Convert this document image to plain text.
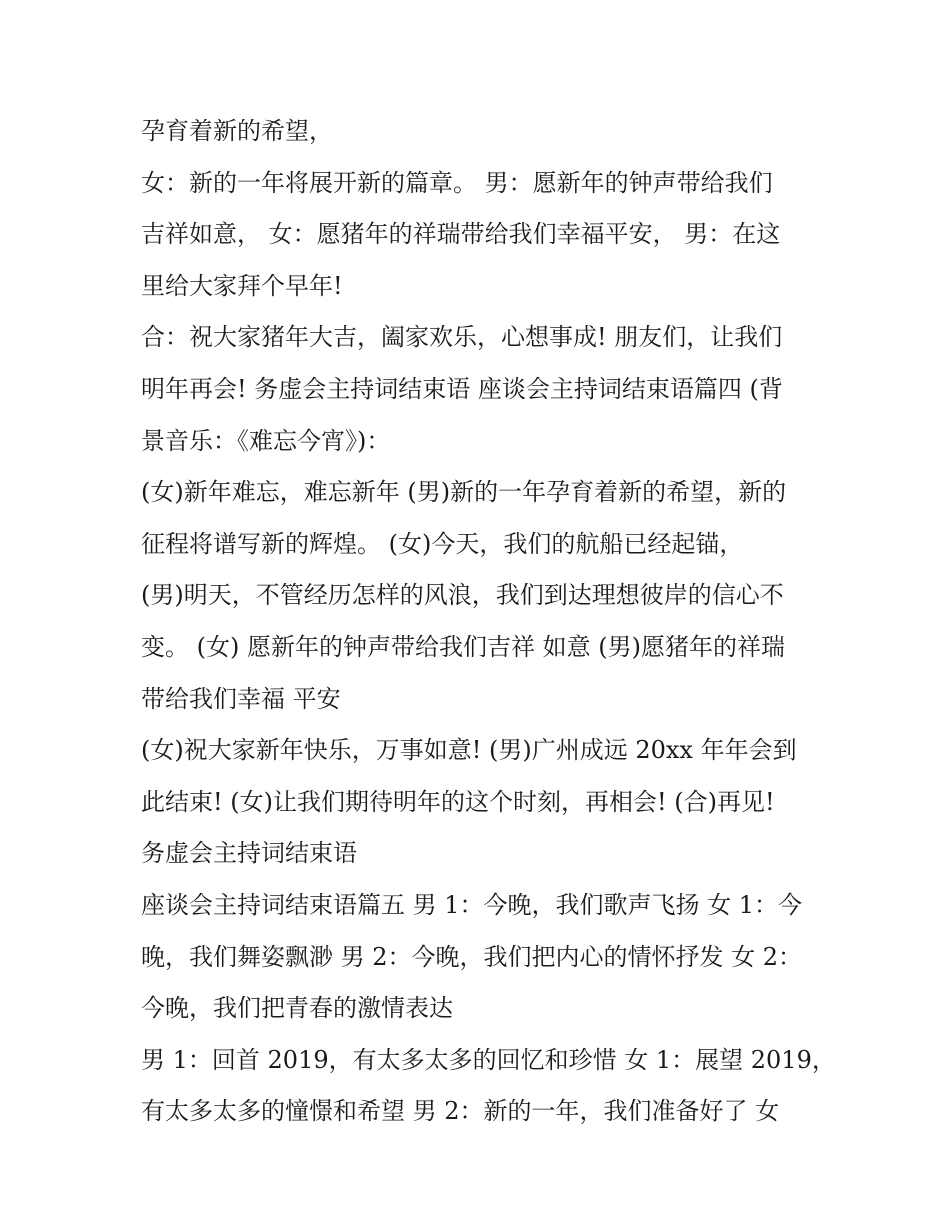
孕育着新的希望，
女：新的一年将展开新的篇章。 男：愿新年的钟声带给我们
吉祥如意， 女：愿猪年的祥瑞带给我们幸福平安， 男：在这
里给大家拜个早年!
合：祝大家猪年大吉，阖家欢乐，心想事成! 朋友们，让我们
明年再会! 务虚会主持词结束语 座谈会主持词结束语篇四 (背
景音乐：《难忘今宵》)：
(女)新年难忘，难忘新年 (男)新的一年孕育着新的希望，新的
征程将谱写新的辉煌。 (女)今天，我们的航船已经起锚，
(男)明天，不管经历怎样的风浪，我们到达理想彼岸的信心不
变。 (女) 愿新年的钟声带给我们吉祥 如意 (男)愿猪年的祥瑞
带给我们幸福 平安
(女)祝大家新年快乐，万事如意! (男)广州成远 20xx 年年会到
此结束! (女)让我们期待明年的这个时刻，再相会! (合)再见!
务虚会主持词结束语
座谈会主持词结束语篇五 男 1：今晚，我们歌声飞扬 女 1：今
晚，我们舞姿飘渺 男 2：今晚，我们把内心的情怀抒发 女 2：
今晚，我们把青春的激情表达
男 1：回首 2019，有太多太多的回忆和珍惜 女 1：展望 2019，
有太多太多的憧憬和希望 男 2：新的一年，我们准备好了 女
